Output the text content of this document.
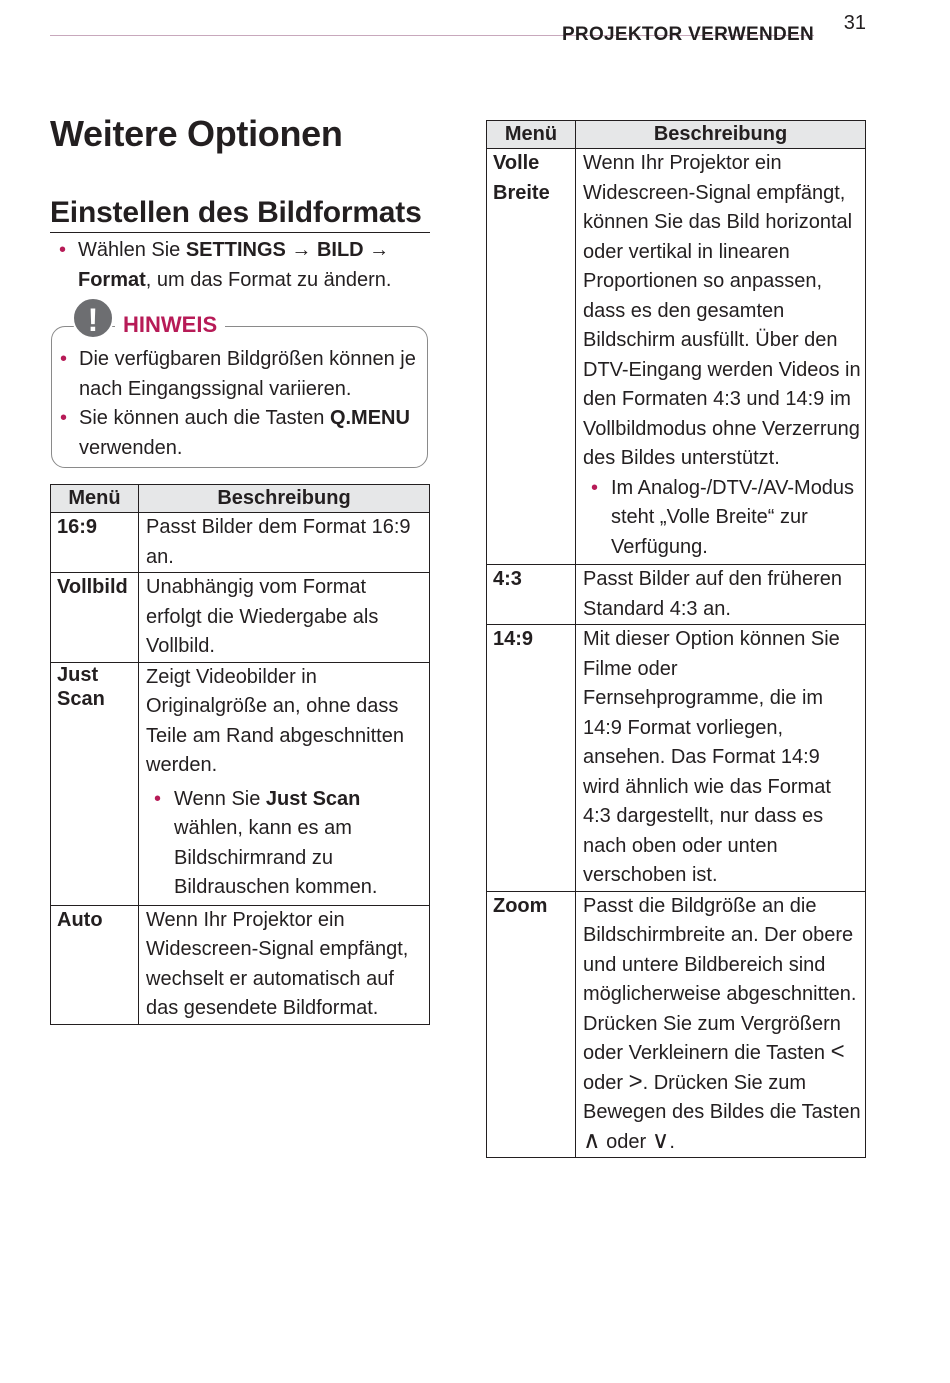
PROJEKTOR VERWENDEN
31
Weitere Optionen
Einstellen des Bildformats
• Wählen Sie SETTINGS → BILD → Format, um das Format zu ändern.
!	HINWEIS
• Die verfügbaren Bildgrößen können je nach Eingangssignal variieren.
• Sie können auch die Tasten Q.MENU verwenden.
Menü	Beschreibung
16:9	Passt Bilder dem Format 16:9 an.
Vollbild	Unabhängig vom Format erfolgt die Wiedergabe als Vollbild.
Just Scan	Zeigt Videobilder in Originalgröße an, ohne dass Teile am Rand abgeschnitten werden.
• Wenn Sie Just Scan wählen, kann es am Bildschirmrand zu Bildrauschen kommen.

Auto	Wenn Ihr Projektor ein Widescreen-Signal empfängt, wechselt er automatisch auf das gesendete Bildformat.
Menü	Beschreibung
Volle Breite	Wenn Ihr Projektor ein Widescreen-Signal empfängt, können Sie das Bild horizontal oder vertikal in linearen Proportionen so anpassen, dass es den gesamten Bildschirm ausfüllt. Über den DTV-Eingang werden Videos in den Formaten 4:3 und 14:9 im Vollbildmodus ohne Verzerrung des Bildes unterstützt.
• Im Analog-/DTV-/AV-Modus steht „Volle Breite“ zur Verfügung.

4:3	Passt Bilder auf den früheren Standard 4:3 an.
14:9	Mit dieser Option können Sie Filme oder Fernsehprogramme, die im 14:9 Format vorliegen, ansehen. Das Format 14:9 wird ähnlich wie das Format 4:3 dargestellt, nur dass es nach oben oder unten verschoben ist.
Zoom	Passt die Bildgröße an die Bildschirmbreite an. Der obere und untere Bildbereich sind möglicherweise abgeschnitten.
Drücken Sie zum Vergrößern oder Verkleinern die Tasten < oder >. Drücken Sie zum Bewegen des Bildes die Tasten ∧ oder ∨.
